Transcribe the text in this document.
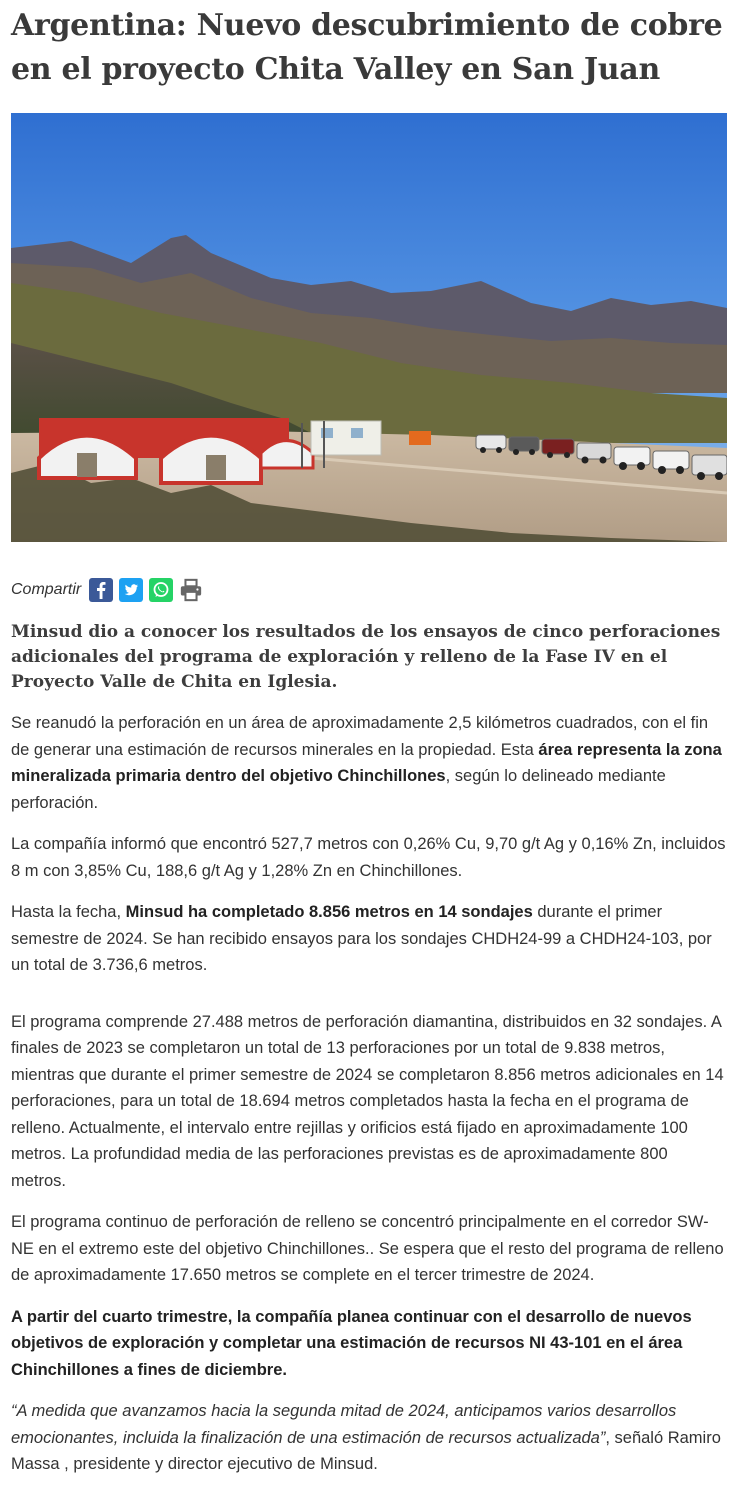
Argentina: Nuevo descubrimiento de cobre en el proyecto Chita Valley en San Juan
Compartir

Minsud dio a conocer los resultados de los ensayos de cinco perforaciones adicionales del programa de exploración y relleno de la Fase IV en el Proyecto Valle de Chita en Iglesia.

Se reanudó la perforación en un área de aproximadamente 2,5 kilómetros cuadrados, con el fin de generar una estimación de recursos minerales en la propiedad. Esta área representa la zona mineralizada primaria dentro del objetivo Chinchillones, según lo delineado mediante perforación.

La compañía informó que encontró 527,7 metros con 0,26% Cu, 9,70 g/t Ag y 0,16% Zn, incluidos 8 m con 3,85% Cu, 188,6 g/t Ag y 1,28% Zn en Chinchillones.

Hasta la fecha, Minsud ha completado 8.856 metros en 14 sondajes durante el primer semestre de 2024. Se han recibido ensayos para los sondajes CHDH24-99 a CHDH24-103, por un total de 3.736,6 metros.

El programa comprende 27.488 metros de perforación diamantina, distribuidos en 32 sondajes. A finales de 2023 se completaron un total de 13 perforaciones por un total de 9.838 metros, mientras que durante el primer semestre de 2024 se completaron 8.856 metros adicionales en 14 perforaciones, para un total de 18.694 metros completados hasta la fecha en el programa de relleno. Actualmente, el intervalo entre rejillas y orificios está fijado en aproximadamente 100 metros. La profundidad media de las perforaciones previstas es de aproximadamente 800 metros.

El programa continuo de perforación de relleno se concentró principalmente en el corredor SW-NE en el extremo este del objetivo Chinchillones.. Se espera que el resto del programa de relleno de aproximadamente 17.650 metros se complete en el tercer trimestre de 2024.

A partir del cuarto trimestre, la compañía planea continuar con el desarrollo de nuevos objetivos de exploración y completar una estimación de recursos NI 43-101 en el área Chinchillones a fines de diciembre.

“A medida que avanzamos hacia la segunda mitad de 2024, anticipamos varios desarrollos emocionantes, incluida la finalización de una estimación de recursos actualizada”, señaló Ramiro Massa , presidente y director ejecutivo de Minsud.
